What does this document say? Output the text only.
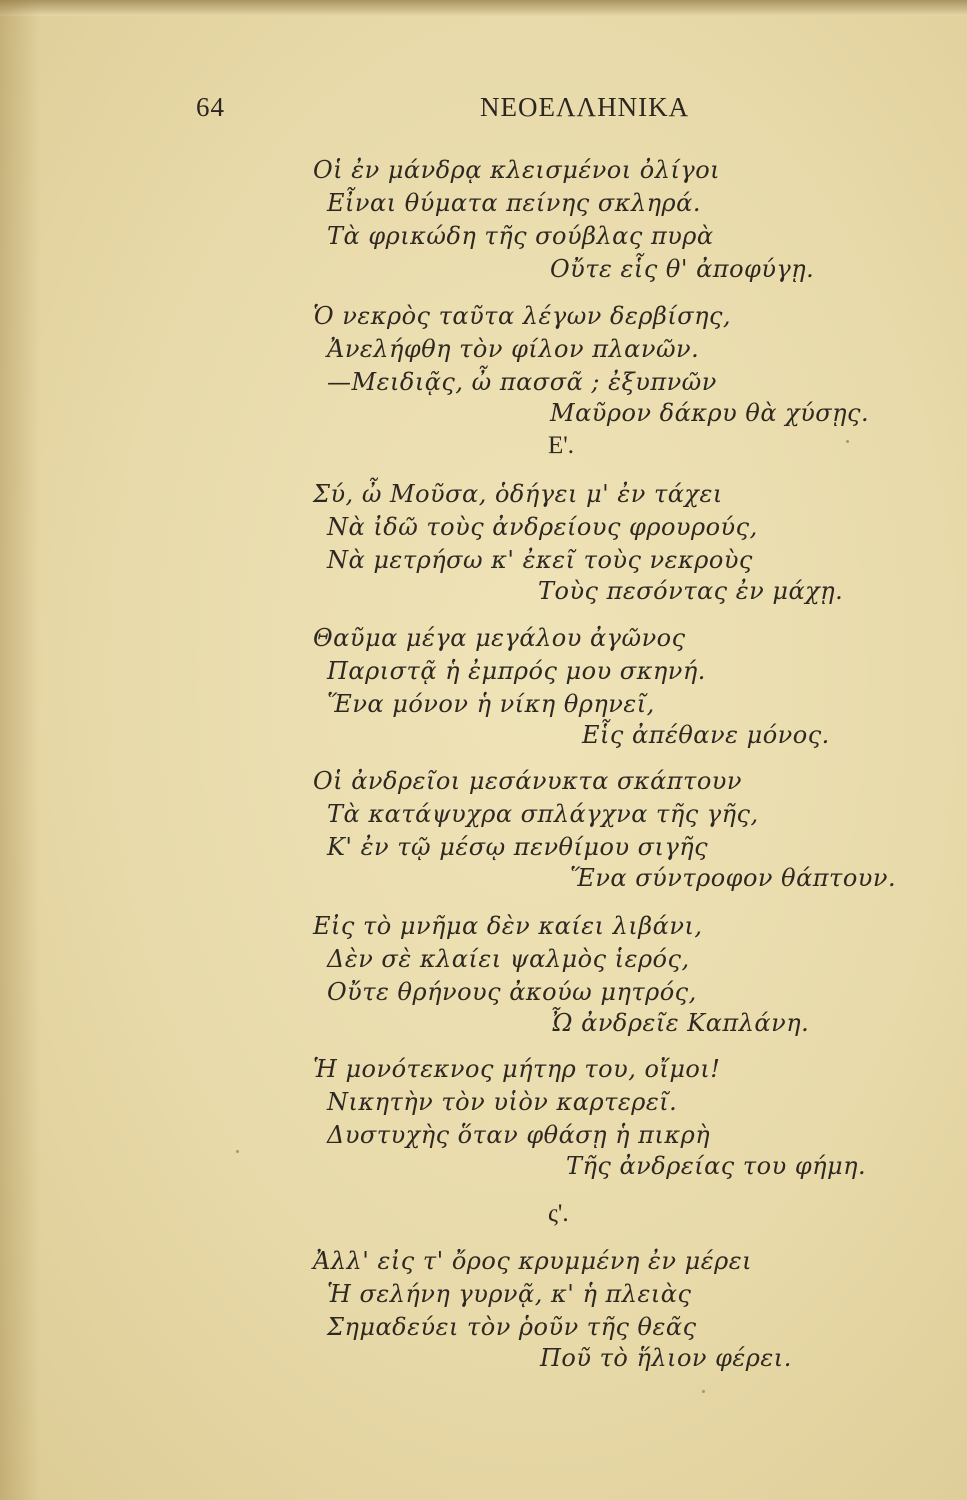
64	ΝΕΟΕΛΛΗΝΙΚΑ
Οἱ ἐν μάνδρᾳ κλεισμένοι ὀλίγοι
Εἶναι θύματα πείνης σκληρά.
Τὰ φρικώδη τῆς σούβλας πυρὰ
Οὔτε εἷς θ' ἀποφύγῃ.
Ὁ νεκρὸς ταῦτα λέγων δερβίσης,
Ἀνελήφθη τὸν φίλον πλανῶν.
—Μειδιᾷς, ὦ πασσᾶ ; ἐξυπνῶν
Μαῦρον δάκρυ θὰ χύσῃς.
Ε'.
Σύ, ὦ Μοῦσα, ὁδήγει μ' ἐν τάχει
Νὰ ἰδῶ τοὺς ἀνδρείους φρουρούς,
Νὰ μετρήσω κ' ἐκεῖ τοὺς νεκροὺς
Τοὺς πεσόντας ἐν μάχῃ.
Θαῦμα μέγα μεγάλου ἀγῶνος
Παριστᾷ ἡ ἐμπρός μου σκηνή.
Ἕνα μόνον ἡ νίκη θρηνεῖ,
Εἷς ἀπέθανε μόνος.
Οἱ ἀνδρεῖοι μεσάνυκτα σκάπτουν
Τὰ κατάψυχρα σπλάγχνα τῆς γῆς,
Κ' ἐν τῷ μέσῳ πενθίμου σιγῆς
Ἕνα σύντροφον θάπτουν.
Εἰς τὸ μνῆμα δὲν καίει λιβάνι,
Δὲν σὲ κλαίει ψαλμὸς ἱερός,
Οὔτε θρήνους ἀκούω μητρός,
Ὦ ἀνδρεῖε Καπλάνη.
Ἡ μονότεκνος μήτηρ του, οἴμοι!
Νικητὴν τὸν υἱὸν καρτερεῖ.
Δυστυχὴς ὅταν φθάσῃ ἡ πικρὴ
Τῆς ἀνδρείας του φήμη.
ς'.
Ἀλλ' εἰς τ' ὄρος κρυμμένη ἐν μέρει
Ἡ σελήνη γυρνᾷ, κ' ἡ πλειὰς
Σημαδεύει τὸν ῥοῦν τῆς θεᾶς
Ποῦ τὸ ἥλιον φέρει.
